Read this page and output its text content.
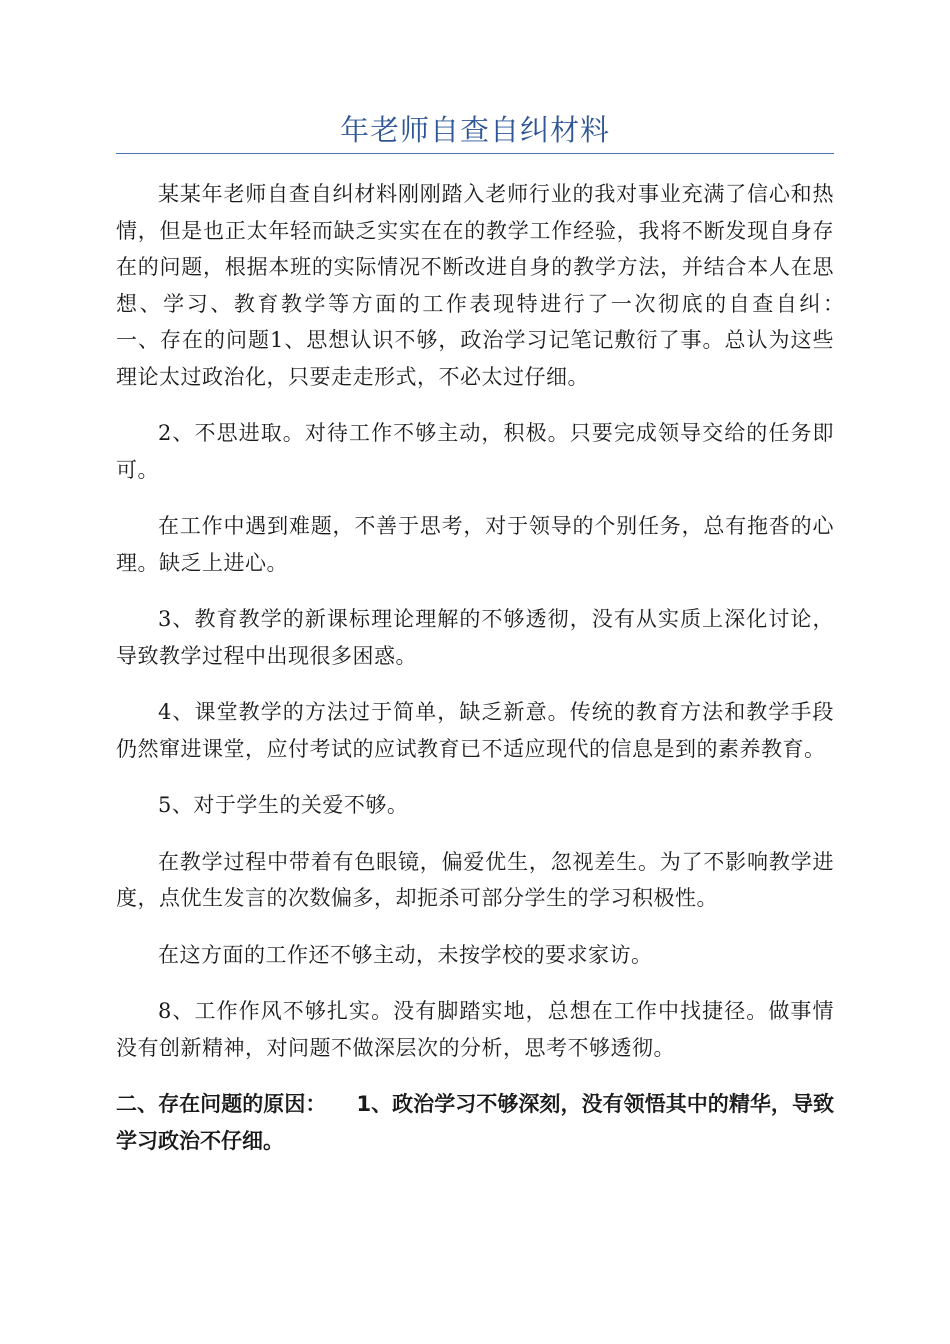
年老师自查自纠材料

某某年老师自查自纠材料刚刚踏入老师行业的我对事业充满了信心和热情，但是也正太年轻而缺乏实实在在的教学工作经验，我将不断发现自身存在的问题，根据本班的实际情况不断改进自身的教学方法，并结合本人在思想、学习、教育教学等方面的工作表现特进行了一次彻底的自查自纠：　一、存在的问题1、思想认识不够，政治学习记笔记敷衍了事。总认为这些理论太过政治化，只要走走形式，不必太过仔细。

2、不思进取。对待工作不够主动，积极。只要完成领导交给的任务即可。

在工作中遇到难题，不善于思考，对于领导的个别任务，总有拖沓的心理。缺乏上进心。

3、教育教学的新课标理论理解的不够透彻，没有从实质上深化讨论，导致教学过程中出现很多困惑。

4、课堂教学的方法过于简单，缺乏新意。传统的教育方法和教学手段仍然窜进课堂，应付考试的应试教育已不适应现代的信息是到的素养教育。

5、对于学生的关爱不够。

在教学过程中带着有色眼镜，偏爱优生，忽视差生。为了不影响教学进度，点优生发言的次数偏多，却扼杀可部分学生的学习积极性。

在这方面的工作还不够主动，未按学校的要求家访。

8、工作作风不够扎实。没有脚踏实地，总想在工作中找捷径。做事情没有创新精神，对问题不做深层次的分析，思考不够透彻。

二、存在问题的原因： 1、政治学习不够深刻，没有领悟其中的精华，导致学习政治不仔细。
